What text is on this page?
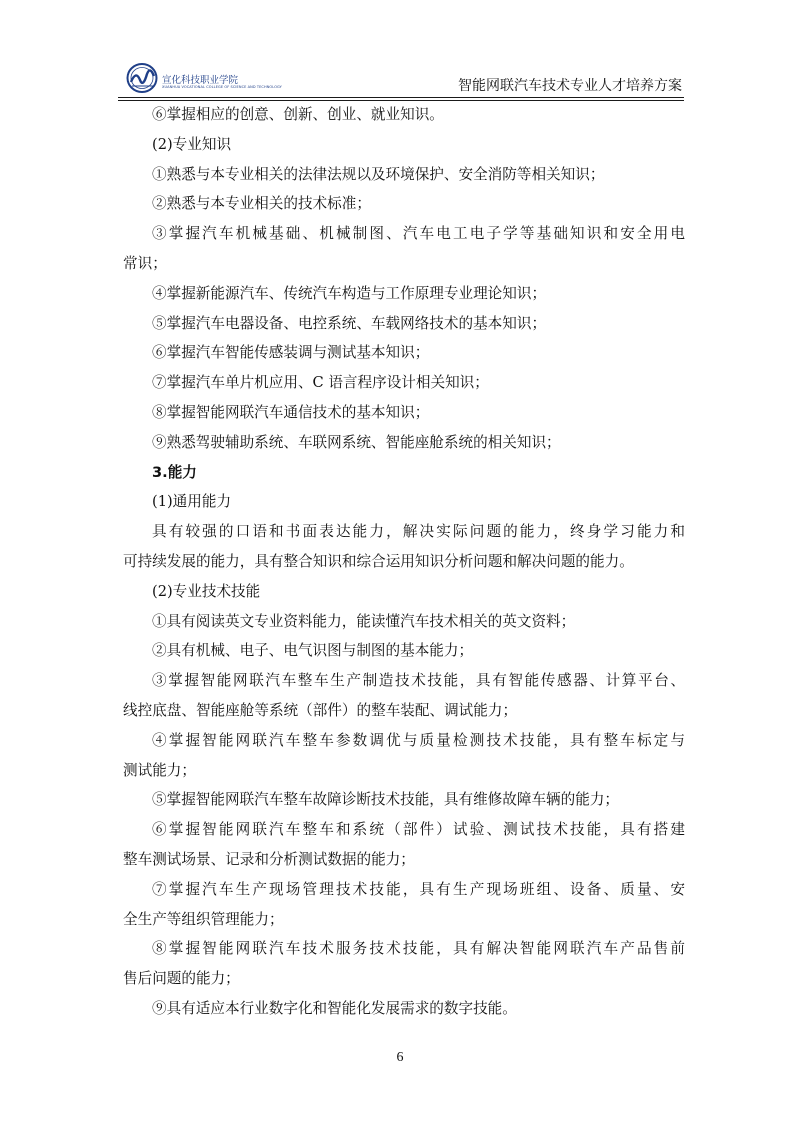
宣化科技职业学院
XUANHUA VOCATIONAL COLLEGE OF SCIENCE AND TECHNOLOGY	智能网联汽车技术专业人才培养方案
⑥掌握相应的创意、创新、创业、就业知识。
(2)专业知识
①熟悉与本专业相关的法律法规以及环境保护、安全消防等相关知识；
②熟悉与本专业相关的技术标准；
③掌握汽车机械基础、机械制图、汽车电工电子学等基础知识和安全用电
常识；
④掌握新能源汽车、传统汽车构造与工作原理专业理论知识；
⑤掌握汽车电器设备、电控系统、车载网络技术的基本知识；
⑥掌握汽车智能传感装调与测试基本知识；
⑦掌握汽车单片机应用、C 语言程序设计相关知识；
⑧掌握智能网联汽车通信技术的基本知识；
⑨熟悉驾驶辅助系统、车联网系统、智能座舱系统的相关知识；
3.能力
(1)通用能力
具有较强的口语和书面表达能力，解决实际问题的能力，终身学习能力和
可持续发展的能力，具有整合知识和综合运用知识分析问题和解决问题的能力。
(2)专业技术技能
①具有阅读英文专业资料能力，能读懂汽车技术相关的英文资料；
②具有机械、电子、电气识图与制图的基本能力；
③掌握智能网联汽车整车生产制造技术技能，具有智能传感器、计算平台、
线控底盘、智能座舱等系统（部件）的整车装配、调试能力；
④掌握智能网联汽车整车参数调优与质量检测技术技能，具有整车标定与
测试能力；
⑤掌握智能网联汽车整车故障诊断技术技能，具有维修故障车辆的能力；
⑥掌握智能网联汽车整车和系统（部件）试验、测试技术技能，具有搭建
整车测试场景、记录和分析测试数据的能力；
⑦掌握汽车生产现场管理技术技能，具有生产现场班组、设备、质量、安
全生产等组织管理能力；
⑧掌握智能网联汽车技术服务技术技能，具有解决智能网联汽车产品售前
售后问题的能力；
⑨具有适应本行业数字化和智能化发展需求的数字技能。
6
